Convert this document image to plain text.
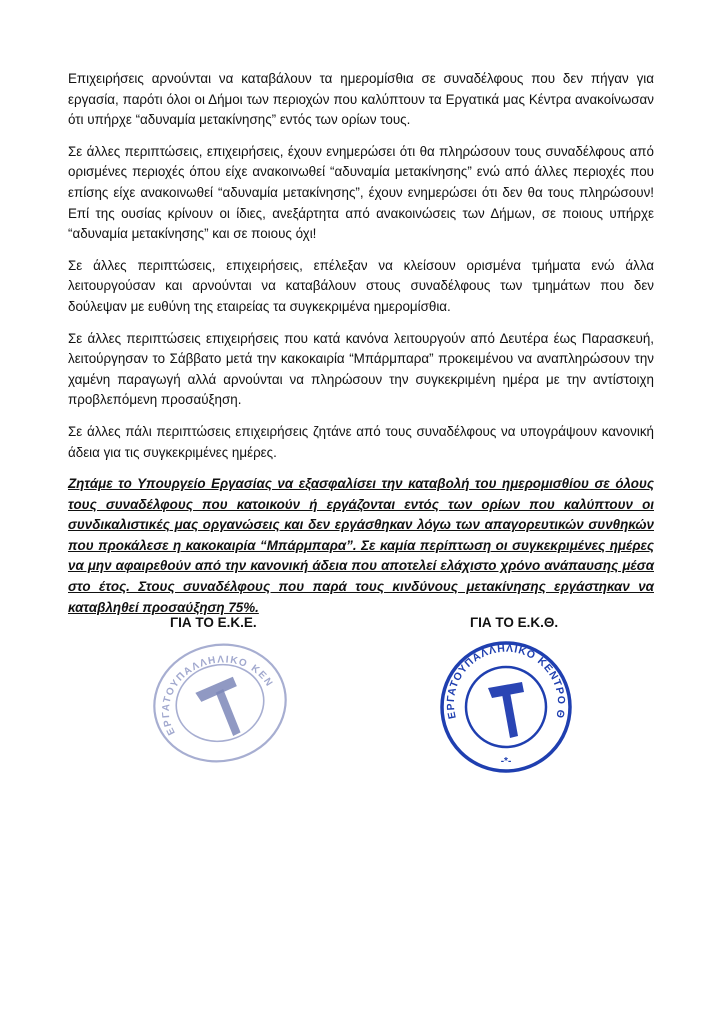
Επιχειρήσεις αρνούνται να καταβάλουν τα ημερομίσθια σε συναδέλφους που δεν πήγαν για εργασία, παρότι όλοι οι Δήμοι των περιοχών που καλύπτουν τα Εργατικά μας Κέντρα ανακοίνωσαν ότι υπήρχε “αδυναμία μετακίνησης” εντός των ορίων τους.

Σε άλλες περιπτώσεις, επιχειρήσεις, έχουν ενημερώσει ότι θα πληρώσουν τους συναδέλφους από ορισμένες περιοχές όπου είχε ανακοινωθεί “αδυναμία μετακίνησης” ενώ από άλλες περιοχές που επίσης είχε ανακοινωθεί “αδυναμία μετακίνησης”, έχουν ενημερώσει ότι δεν θα τους πληρώσουν! Επί της ουσίας κρίνουν οι ίδιες, ανεξάρτητα από ανακοινώσεις των Δήμων, σε ποιους υπήρχε “αδυναμία μετακίνησης” και σε ποιους όχι!

Σε άλλες περιπτώσεις, επιχειρήσεις, επέλεξαν να κλείσουν ορισμένα τμήματα ενώ άλλα λειτουργούσαν και αρνούνται να καταβάλουν στους συναδέλφους των τμημάτων που δεν δούλεψαν με ευθύνη της εταιρείας τα συγκεκριμένα ημερομίσθια.

Σε άλλες περιπτώσεις επιχειρήσεις που κατά κανόνα λειτουργούν από Δευτέρα έως Παρασκευή, λειτούργησαν το Σάββατο μετά την κακοκαιρία “Μπάρμπαρα” προκειμένου να αναπληρώσουν την χαμένη παραγωγή αλλά αρνούνται να πληρώσουν την συγκεκριμένη ημέρα με την αντίστοιχη προβλεπόμενη προσαύξηση.

Σε άλλες πάλι περιπτώσεις επιχειρήσεις ζητάνε από τους συναδέλφους να υπογράψουν κανονική άδεια για τις συγκεκριμένες ημέρες.

Ζητάμε το Υπουργείο Εργασίας να εξασφαλίσει την καταβολή του ημερομισθίου σε όλους τους συναδέλφους που κατοικούν ή εργάζονται εντός των ορίων που καλύπτουν οι συνδικαλιστικές μας οργανώσεις και δεν εργάσθηκαν λόγω των απαγορευτικών συνθηκών που προκάλεσε η κακοκαιρία “Μπάρμπαρα”. Σε καμία περίπτωση οι συγκεκριμένες ημέρες να μην αφαιρεθούν από την κανονική άδεια που αποτελεί ελάχιστο χρόνο ανάπαυσης μέσα στο έτος. Στους συναδέλφους που παρά τους κινδύνους μετακίνησης εργάστηκαν να καταβληθεί προσαύξηση 75%.

ΓΙΑ ΤΟ Ε.Κ.Ε.	ΓΙΑ ΤΟ Ε.Κ.Θ.
ΕΡΓΑΤΟΥΠΑΛΛΗΛΙΚΟ ΚΕΝΤΡΟ
ΕΡΓΑΤΟΥΠΑΛΛΗΛΙΚΟ ΚΕΝΤΡΟ Θ
-*-
